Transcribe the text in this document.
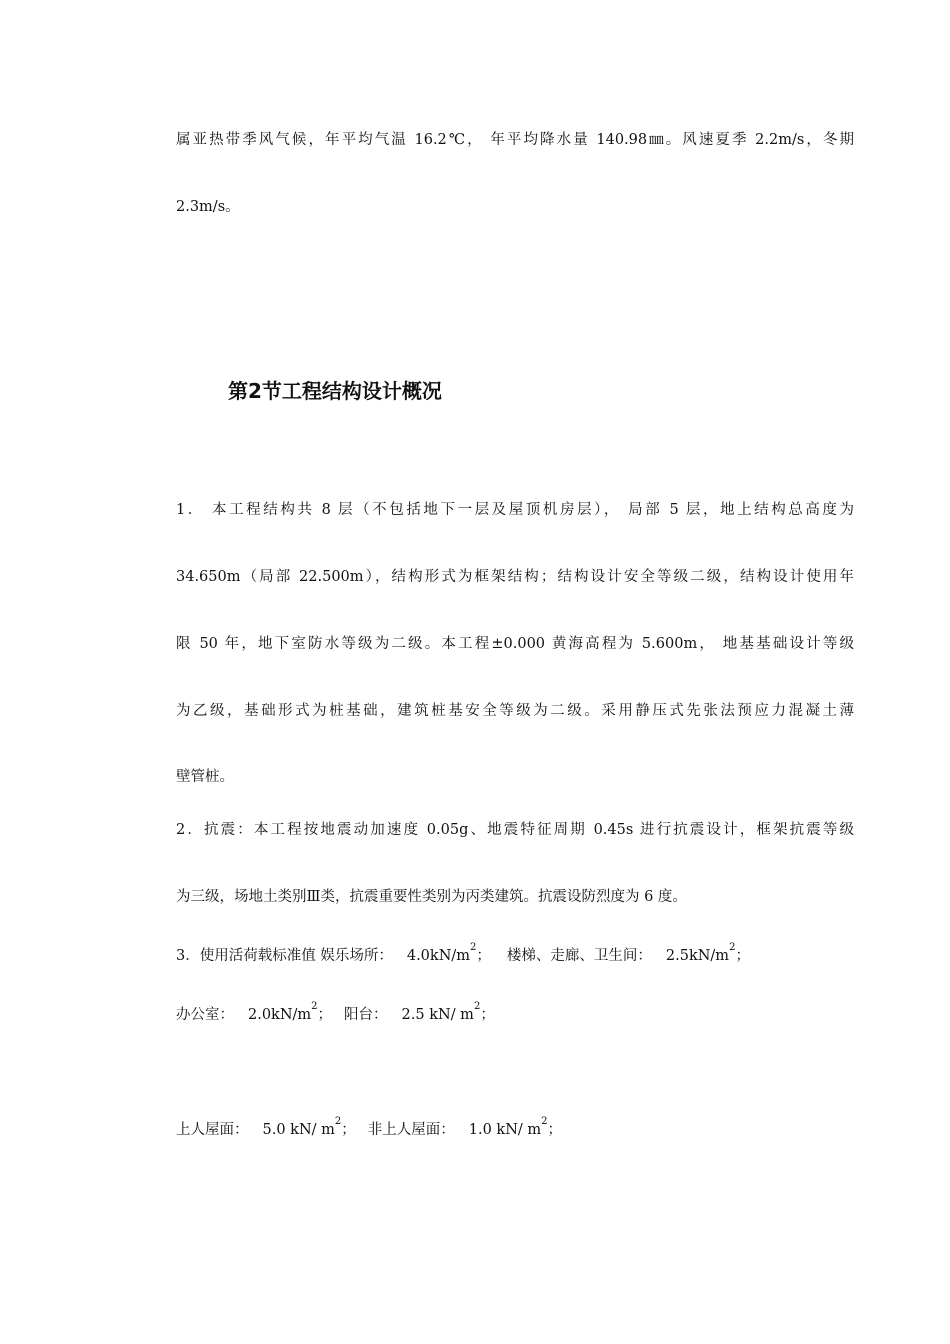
属亚热带季风气候，年平均气温 16.2℃， 年平均降水量 140.98㎜。风速夏季 2.2m/s，冬期
2.3m/s。
第2节工程结构设计概况
1． 本工程结构共 8 层（不包括地下一层及屋顶机房层）， 局部 5 层，地上结构总高度为
34.650m（局部 22.500m），结构形式为框架结构；结构设计安全等级二级，结构设计使用年
限 50 年，地下室防水等级为二级。本工程±0.000 黄海高程为 5.600m， 地基基础设计等级
为乙级，基础形式为桩基础，建筑桩基安全等级为二级。采用静压式先张法预应力混凝土薄
壁管桩。
2．抗震：本工程按地震动加速度 0.05g、地震特征周期 0.45s 进行抗震设计，框架抗震等级
为三级，场地土类别Ⅲ类，抗震重要性类别为丙类建筑。抗震设防烈度为 6 度。
3．使用活荷载标准值 娱乐场所： $4.0kN/m^2$； 楼梯、走廊、卫生间： $2.5kN/m^2$；
办公室： $2.0kN/m^2$； 阳台： 2.5 kN/ $m^2$；
上人屋面： 5.0 kN/ $m^2$； 非上人屋面： 1.0 kN/ $m^2$；
